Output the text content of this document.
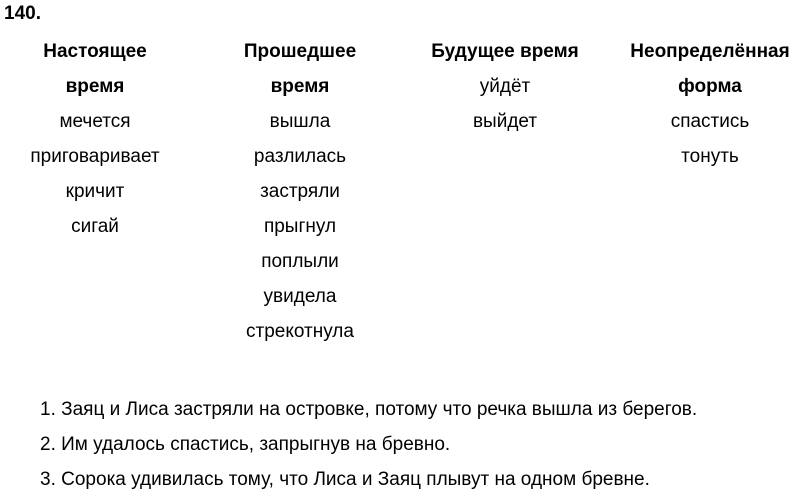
140.

Настоящее

время

мечется

приговаривает

кричит

сигай

Прошедшее

время

вышла

разлилась

застряли

прыгнул

поплыли

увидела

стрекотнула

Будущее время

уйдёт

выйдет

Неопределённая

форма

спастись

тонуть

1. Заяц и Лиса застряли на островке, потому что речка вышла из берегов.
2. Им удалось спастись, запрыгнув на бревно.
3. Сорока удивилась тому, что Лиса и Заяц плывут на одном бревне.
